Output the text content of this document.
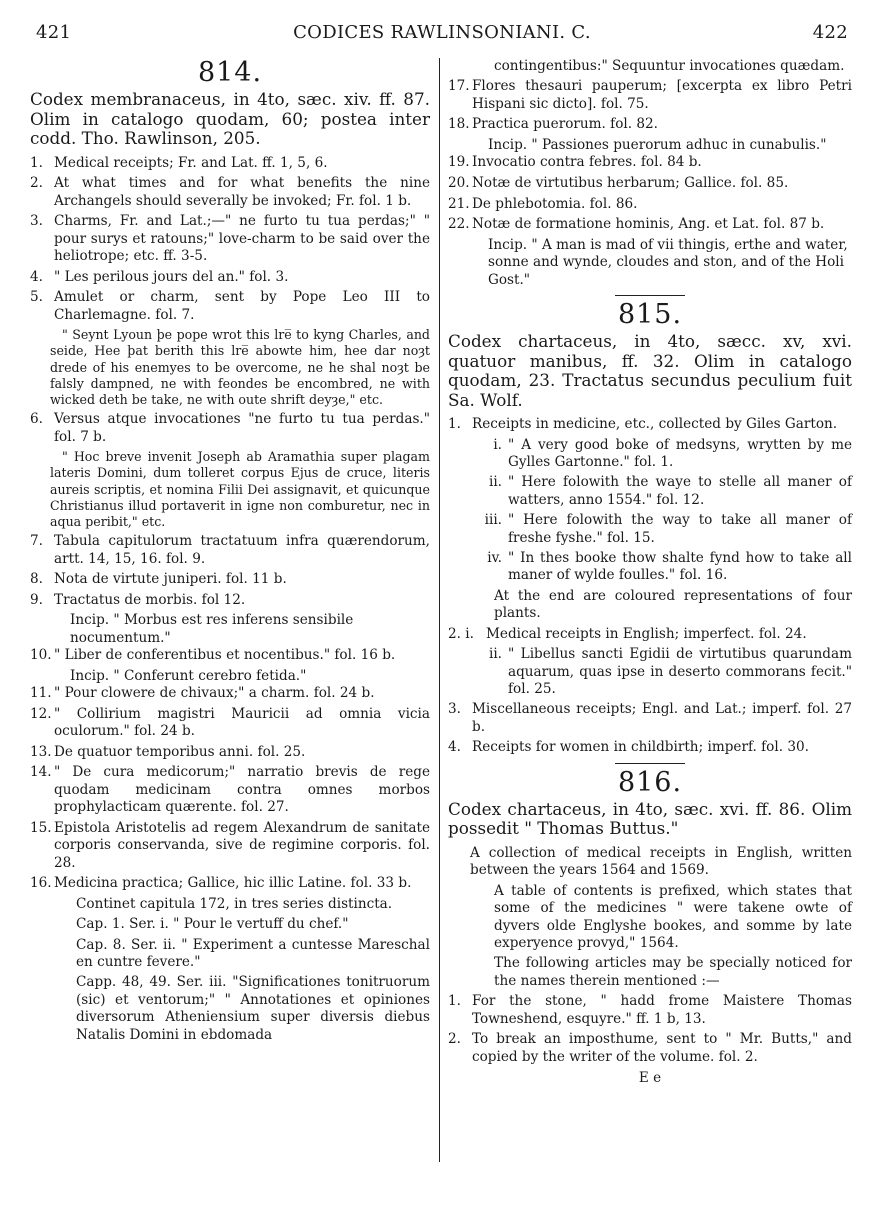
421	CODICES RAWLINSONIANI. C.	422
814.
Codex membranaceus, in 4to, sæc. xiv. ff. 87. Olim in catalogo quodam, 60; postea inter codd. Tho. Rawlinson, 205.
1. Medical receipts; Fr. and Lat. ff. 1, 5, 6.
2. At what times and for what benefits the nine Archangels should severally be invoked; Fr. fol. 1 b.
3. Charms, Fr. and Lat.;—" ne furto tu tua perdas;" " pour surys et ratouns;" love-charm to be said over the heliotrope; etc. ff. 3-5.
4. " Les perilous jours del an." fol. 3.
5. Amulet or charm, sent by Pope Leo III to Charlemagne. fol. 7.
" Seynt Lyoun þe pope wrot this lre̅ to kyng Charles, and seide, Hee þat berith this lre̅ abowte him, hee dar noȝt drede of his enemyes to be overcome, ne he shal noȝt be falsly dampned, ne with feondes be encombred, ne with wicked deth be take, ne with oute shrift deyȝe," etc.
6. Versus atque invocationes "ne furto tu tua perdas." fol. 7 b.
" Hoc breve invenit Joseph ab Aramathia super plagam lateris Domini, dum tolleret corpus Ejus de cruce, literis aureis scriptis, et nomina Filii Dei assignavit, et quicunque Christianus illud portaverit in igne non comburetur, nec in aqua peribit," etc.
7. Tabula capitulorum tractatuum infra quærendorum, artt. 14, 15, 16. fol. 9.
8. Nota de virtute juniperi. fol. 11 b.
9. Tractatus de morbis. fol 12.
Incip. " Morbus est res inferens sensibile nocumentum."
10. " Liber de conferentibus et nocentibus." fol. 16 b.
Incip. " Conferunt cerebro fetida."
11. " Pour clowere de chivaux;" a charm. fol. 24 b.
12. " Collirium magistri Mauricii ad omnia vicia oculorum." fol. 24 b.
13. De quatuor temporibus anni. fol. 25.
14. " De cura medicorum;" narratio brevis de rege quodam medicinam contra omnes morbos prophylacticam quærente. fol. 27.
15. Epistola Aristotelis ad regem Alexandrum de sanitate corporis conservanda, sive de regimine corporis. fol. 28.
16. Medicina practica; Gallice, hic illic Latine. fol. 33 b.
Continet capitula 172, in tres series distincta.
Cap. 1. Ser. i. " Pour le vertuff du chef."
Cap. 8. Ser. ii. " Experiment a cuntesse Mareschal en cuntre fevere."
Capp. 48, 49. Ser. iii. "Significationes tonitruorum (sic) et ventorum;" " Annotationes et opiniones diversorum Atheniensium super diversis diebus Natalis Domini in ebdomada
contingentibus:" Sequuntur invocationes quædam.
17. Flores thesauri pauperum; [excerpta ex libro Petri Hispani sic dicto]. fol. 75.
18. Practica puerorum. fol. 82.
Incip. " Passiones puerorum adhuc in cunabulis."
19. Invocatio contra febres. fol. 84 b.
20. Notæ de virtutibus herbarum; Gallice. fol. 85.
21. De phlebotomia. fol. 86.
22. Notæ de formatione hominis, Ang. et Lat. fol. 87 b.
Incip. " A man is mad of vii thingis, erthe and water, sonne and wynde, cloudes and ston, and of the Holi Gost."
815.
Codex chartaceus, in 4to, sæcc. xv, xvi. quatuor manibus, ff. 32. Olim in catalogo quodam, 23. Tractatus secundus peculium fuit Sa. Wolf.
1. Receipts in medicine, etc., collected by Giles Garton.
i. " A very good boke of medsyns, wrytten by me Gylles Gartonne." fol. 1.
ii. " Here folowith the waye to stelle all maner of watters, anno 1554." fol. 12.
iii. " Here folowith the way to take all maner of freshe fyshe." fol. 15.
iv. " In thes booke thow shalte fynd how to take all maner of wylde foulles." fol. 16.
At the end are coloured representations of four plants.
2. i. Medical receipts in English; imperfect. fol. 24.
ii. " Libellus sancti Egidii de virtutibus quarundam aquarum, quas ipse in deserto commorans fecit." fol. 25.
3. Miscellaneous receipts; Engl. and Lat.; imperf. fol. 27 b.
4. Receipts for women in childbirth; imperf. fol. 30.
816.
Codex chartaceus, in 4to, sæc. xvi. ff. 86. Olim possedit " Thomas Buttus."
A collection of medical receipts in English, written between the years 1564 and 1569.
A table of contents is prefixed, which states that some of the medicines " were takene owte of dyvers olde Englyshe bookes, and somme by late experyence provyd," 1564.
The following articles may be specially noticed for the names therein mentioned :—
1. For the stone, " hadd frome Maistere Thomas Towneshend, esquyre." ff. 1 b, 13.
2. To break an imposthume, sent to " Mr. Butts," and copied by the writer of the volume. fol. 2.
E e
